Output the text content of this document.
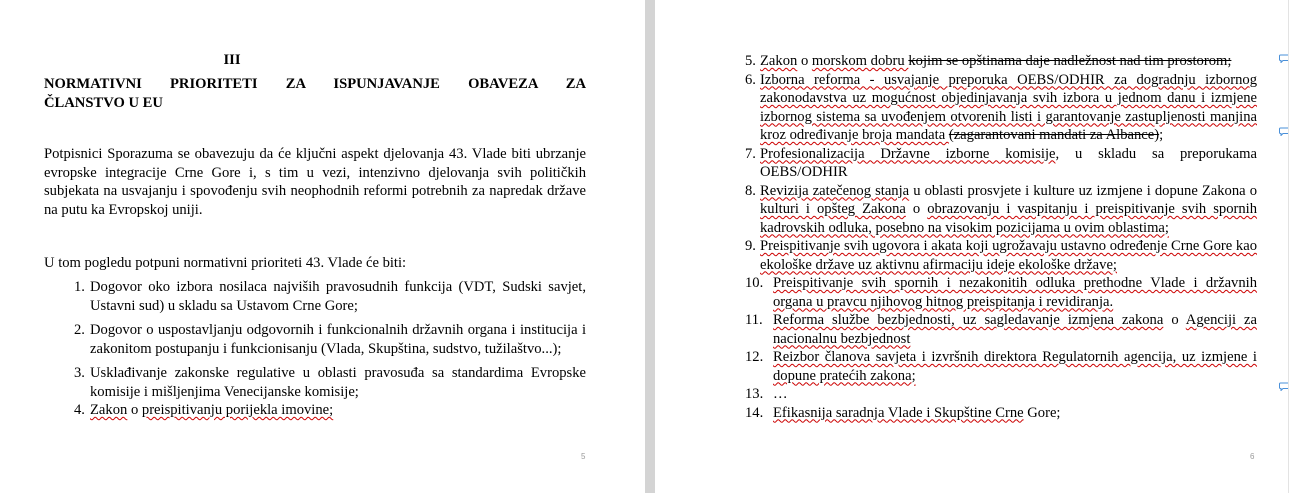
III
NORMATIVNI PRIORITETI ZA ISPUNJAVANJE OBAVEZA ZA
ČLANSTVO U EU
Potpisnici Sporazuma se obavezuju da će ključni aspekt djelovanja 43. Vlade biti ubrzanje evropske integracije Crne Gore i, s tim u vezi, intenzivno djelovanja svih političkih subjekata na usvajanju i spovođenju svih neophodnih reformi potrebnih za napredak države na putu ka Evropskoj uniji.
U tom pogledu potpuni normativni prioriteti 43. Vlade će biti:
1. Dogovor oko izbora nosilaca najviših pravosudnih funkcija (VDT, Sudski savjet, Ustavni sud) u skladu sa Ustavom Crne Gore;
2. Dogovor o uspostavljanju odgovornih i funkcionalnih državnih organa i institucija i zakonitom postupanju i funkcionisanju (Vlada, Skupština, sudstvo, tužilaštvo...);
3. Usklađivanje zakonske regulative u oblasti pravosuđa sa standardima Evropske komisije i mišljenjima Venecijanske komisije;
4. Zakon o preispitivanju porijekla imovine;
5	6
5. Zakon o morskom dobru kojim se opštinama daje nadležnost nad tim prostorom;
6. Izborna reforma - usvajanje preporuka OEBS/ODHIR za dogradnju izbornog zakonodavstva uz mogućnost objedinjavanja svih izbora u jednom danu i izmjene izbornog sistema sa uvođenjem otvorenih listi i garantovanje zastupljenosti manjina kroz određivanje broja mandata (zagarantovani mandati za Albance);
7. Profesionalizacija Državne izborne komisije, u skladu sa preporukama OEBS/ODHIR
8. Revizija zatečenog stanja u oblasti prosvjete i kulture uz izmjene i dopune Zakona o kulturi i opšteg Zakona o obrazovanju i vaspitanju i preispitivanje svih spornih kadrovskih odluka, posebno na visokim pozicijama u ovim oblastima;
9. Preispitivanje svih ugovora i akata koji ugrožavaju ustavno određenje Crne Gore kao ekološke države uz aktivnu afirmaciju ideje ekološke države;
10. Preispitivanje svih spornih i nezakonitih odluka prethodne Vlade i državnih organa u pravcu njihovog hitnog preispitanja i revidiranja.
11. Reforma službe bezbjednosti, uz sagledavanje izmjena zakona o Agenciji za nacionalnu bezbjednost
12. Reizbor članova savjeta i izvršnih direktora Regulatornih agencija, uz izmjene i dopune pratećih zakona;
13. …
14. Efikasnija saradnja Vlade i Skupštine Crne Gore;
